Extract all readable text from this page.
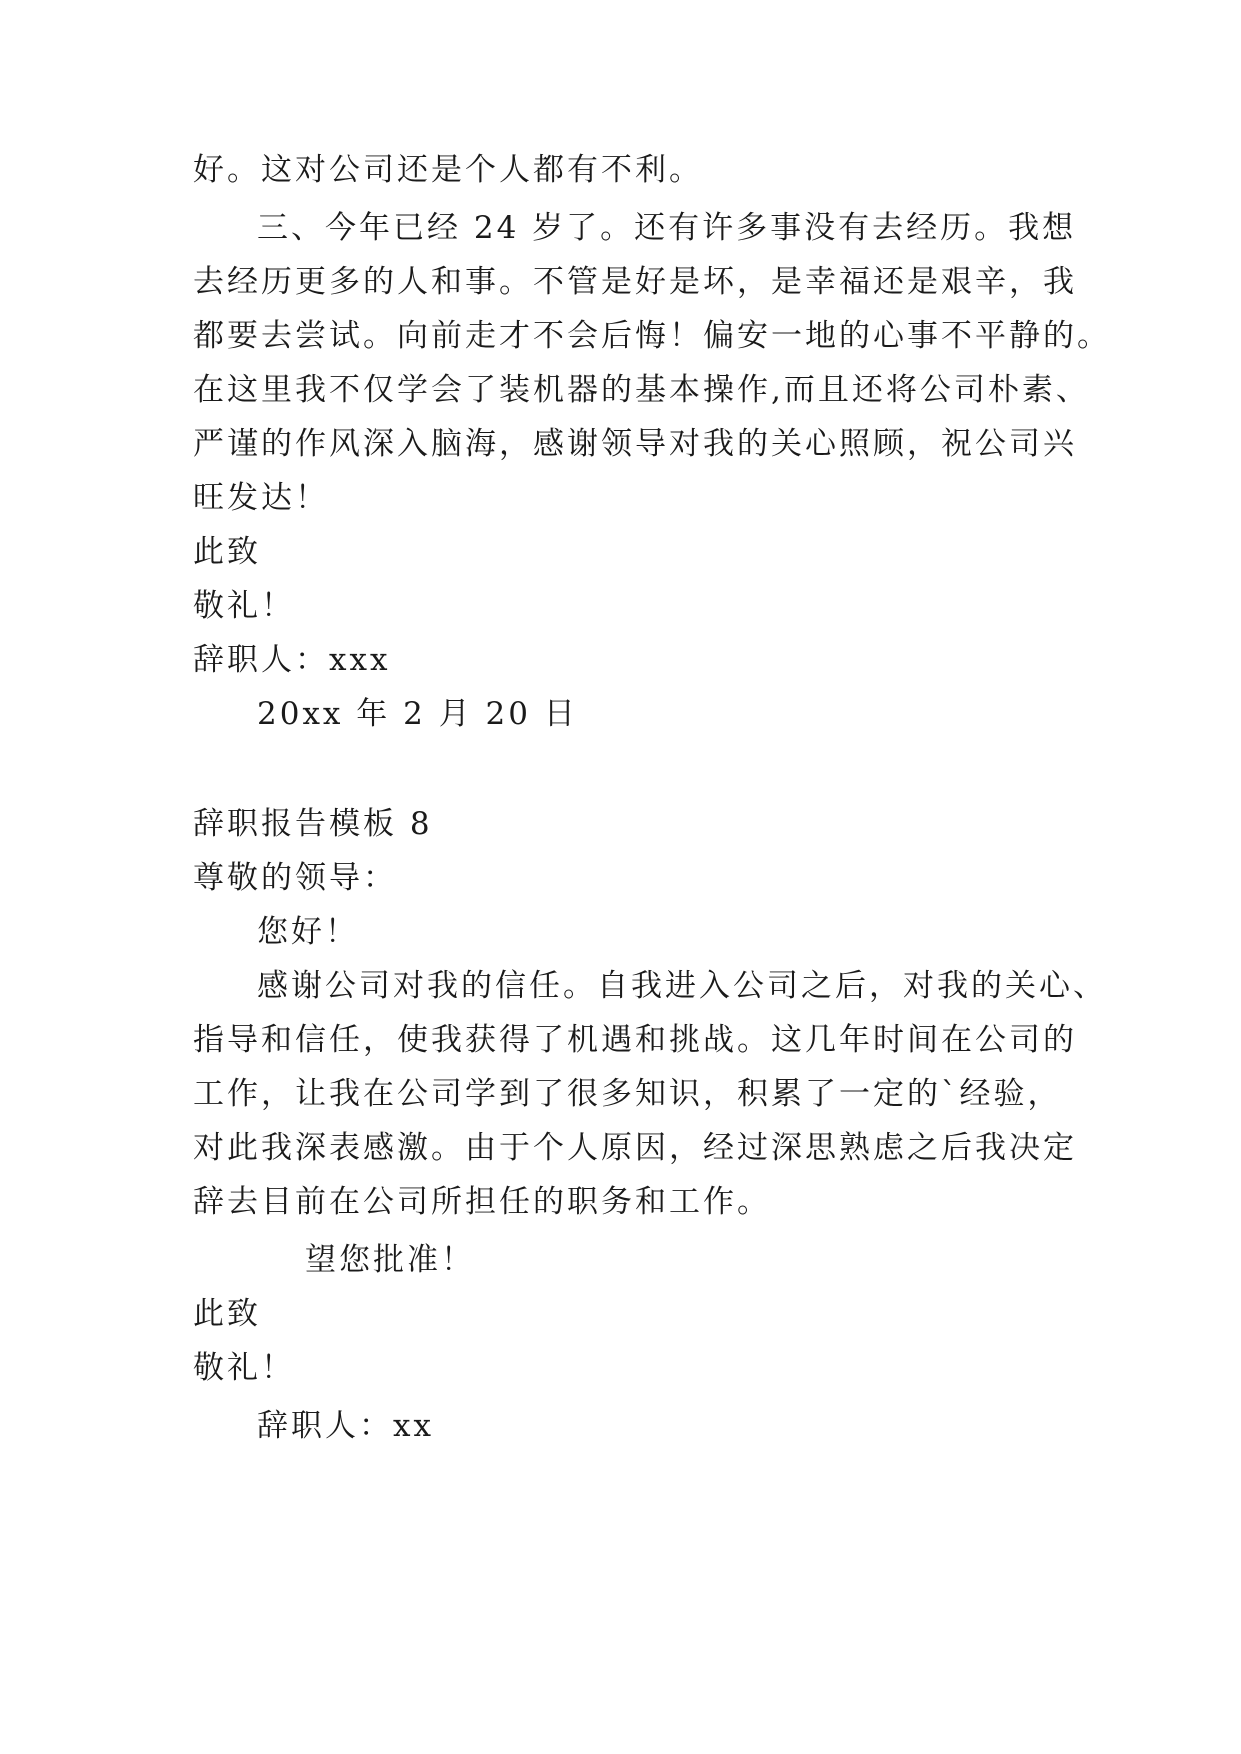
好。这对公司还是个人都有不利。
三、今年已经 24 岁了。还有许多事没有去经历。我想
去经历更多的人和事。不管是好是坏，是幸福还是艰辛，我
都要去尝试。向前走才不会后悔！偏安一地的心事不平静的。
在这里我不仅学会了装机器的基本操作,而且还将公司朴素、
严谨的作风深入脑海，感谢领导对我的关心照顾，祝公司兴
旺发达！
此致
敬礼！
辞职人：xxx
20xx 年 2 月 20 日
辞职报告模板 8
尊敬的领导：
您好！
感谢公司对我的信任。自我进入公司之后，对我的关心、
指导和信任，使我获得了机遇和挑战。这几年时间在公司的
工作，让我在公司学到了很多知识，积累了一定的`经验，
对此我深表感激。由于个人原因，经过深思熟虑之后我决定
辞去目前在公司所担任的职务和工作。
望您批准！
此致
敬礼！
辞职人：xx
